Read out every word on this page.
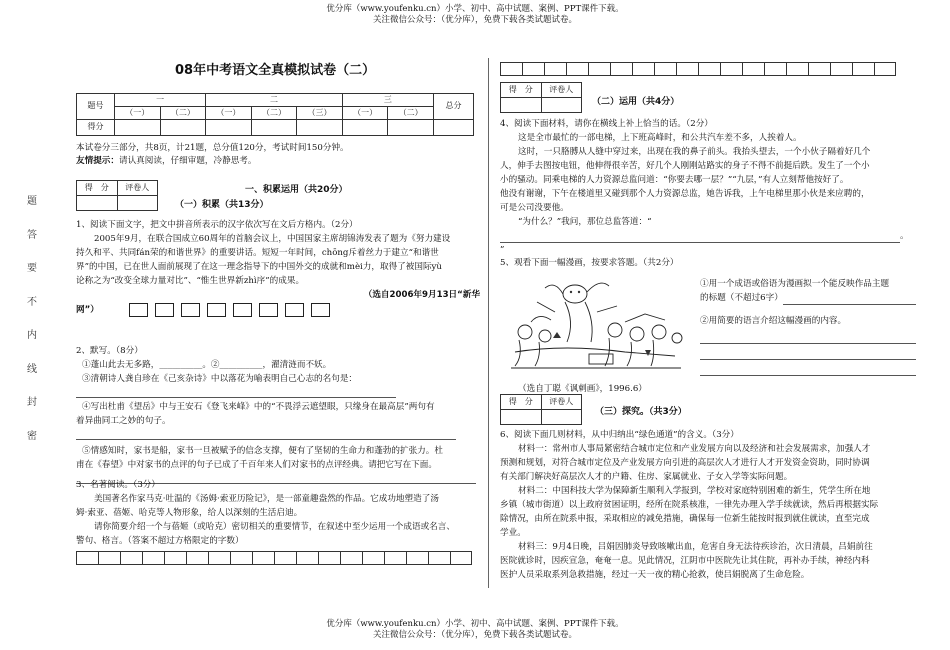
优分库（www.youfenku.cn）小学、初中、高中试题、案例、PPT课件下载。
关注微信公众号：（优分库），免费下载各类试题试卷。
题
答
要
不
内
线
封
密
08年中考语文全真模拟试卷（二）
题号	一		二			三		总分
	（一）	（二）	（一）	（二）	（三）	（一）	（二）	
得分								
本试卷分三部分，共8页，计21题，总分值120分，考试时间150分钟。
友情提示：请认真阅读，仔细审题，冷静思考。
得　分	评卷人
		一、积累运用（共20分）
（一）积累（共13分）
1、阅读下面文字，把文中拼音所表示的汉字依次写在文后方格内。（2分）
2005年9月，在联合国成立60周年的首脑会议上，中国国家主席胡锦涛发表了题为《努力建设
持久和平、共同fán荣的和谐世界》的重要讲话。短短一年时间，chōng斥着丝力于建立“和谐世
界”的中国，已在世人面前展现了在这一理念指导下的中国外交的成就和mèi力，取得了被国际yù
论称之为“改变全球力量对比”、“惟生世界新zhì序”的成果。
（选自2006年9月13日“新华
网”）
2、默写。（8分）
①蓬山此去无多路，__________。②__________，濯清涟而不妖。
③清朝诗人龚自珍在《己亥杂诗》中以落花为喻表明自己心志的名句是：
④写出杜甫《望岳》中与王安石《登飞来峰》中的“不畏浮云遮望眼，只缘身在最高层”两句有
着异曲同工之妙的句子。
⑤情感知时，家书是船，家书一旦被赋予的信念支撑，便有了坚韧的生命力和蓬勃的扩张力。杜
甫在《春望》中对家书的点评的句子已成了千百年来人们对家书的点评经典。请把它写在下面。
3、名著阅读。（3分）
美国著名作家马克·吐温的《汤姆·索亚历险记》，是一部童趣盎然的作品。它成功地塑造了汤
姆·索亚、蓓姬、哈克等人物形象，给人以深刻的生活启迪。
请你简要介绍一个与蓓姬（或哈克）密切相关的重要情节，在叙述中至少运用一个成语或名言、
警句、格言。（答案不超过方格限定的字数）
得　分	评卷人

（二）运用（共4分）
4、阅读下面材料，请你在横线上补上恰当的话。（2分）
这是全市最忙的一部电梯，上下班高峰时，和公共汽车差不多，人挨着人。
这时，一只胳膊从人缝中穿过来，出现在我的鼻子前头。我抬头望去，一个小伙子隔着好几个
人，伸手去图按电钮，他伸得很辛苦，好几个人刚刚站路实的身子不得不前挺后跌。发生了一个小
小的骚动。同乘电梯的人力资源总监问道：“你要去哪一层？”“九层，”有人立刻帮他按好了。
他没有谢谢，下午在楼道里又碰到那个人力资源总监，她告诉我，上午电梯里那小伙是来应聘的，
可是公司没要他。
“为什么？”我问，那位总监答道：“
。
”
5、观看下面一幅漫画，按要求答题。（共2分）
（选自丁聪《讽刺画》，1996.6）
①用一个成语或俗语为漫画拟一个能反映作品主题
的标题（不超过6字）
②用简要的语言介绍这幅漫画的内容。
得　分	评卷人

（三）探究。（共3分）
6、阅读下面几则材料，从中归纳出“绿色通道”的含义。（3分）
材料一：常州市人事局紧密结合城市定位和产业发展方向以及经济和社会发展需求，加强人才
预测和规划，对符合城市定位及产业发展方向引进的高层次人才进行人才开发资金资助，同时协调
有关部门解决好高层次人才的户籍、住房、家属就业、子女入学等实际问题。
材料二：中国科技大学为保障新生顺利入学报到，学校对家庭特别困难的新生，凭学生所在地
乡镇（城市街道）以上政府贫困证明，经所在院系核准，一律先办理入学手续就读，然后再根据实际
除情况，由所在院系申报，采取相应的减免措施，确保每一位新生能按时报到就住就读，直至完成
学业。
材料三：9月4日晚，吕娟因肺炎导致咳嗽出血，危害自身无法待疾诊治，次日清晨，吕娟前往
医院就诊时，因疾宣急，奄奄一息。见此情况，江阴市中医院先让其住院，再补办手续，神经内科
医护人员采取系列急救措施，经过一天一夜的精心抢救，使吕娟脱离了生命危险。
优分库（www.youfenku.cn）小学、初中、高中试题、案例、PPT课件下载。
关注微信公众号：（优分库），免费下载各类试题试卷。
